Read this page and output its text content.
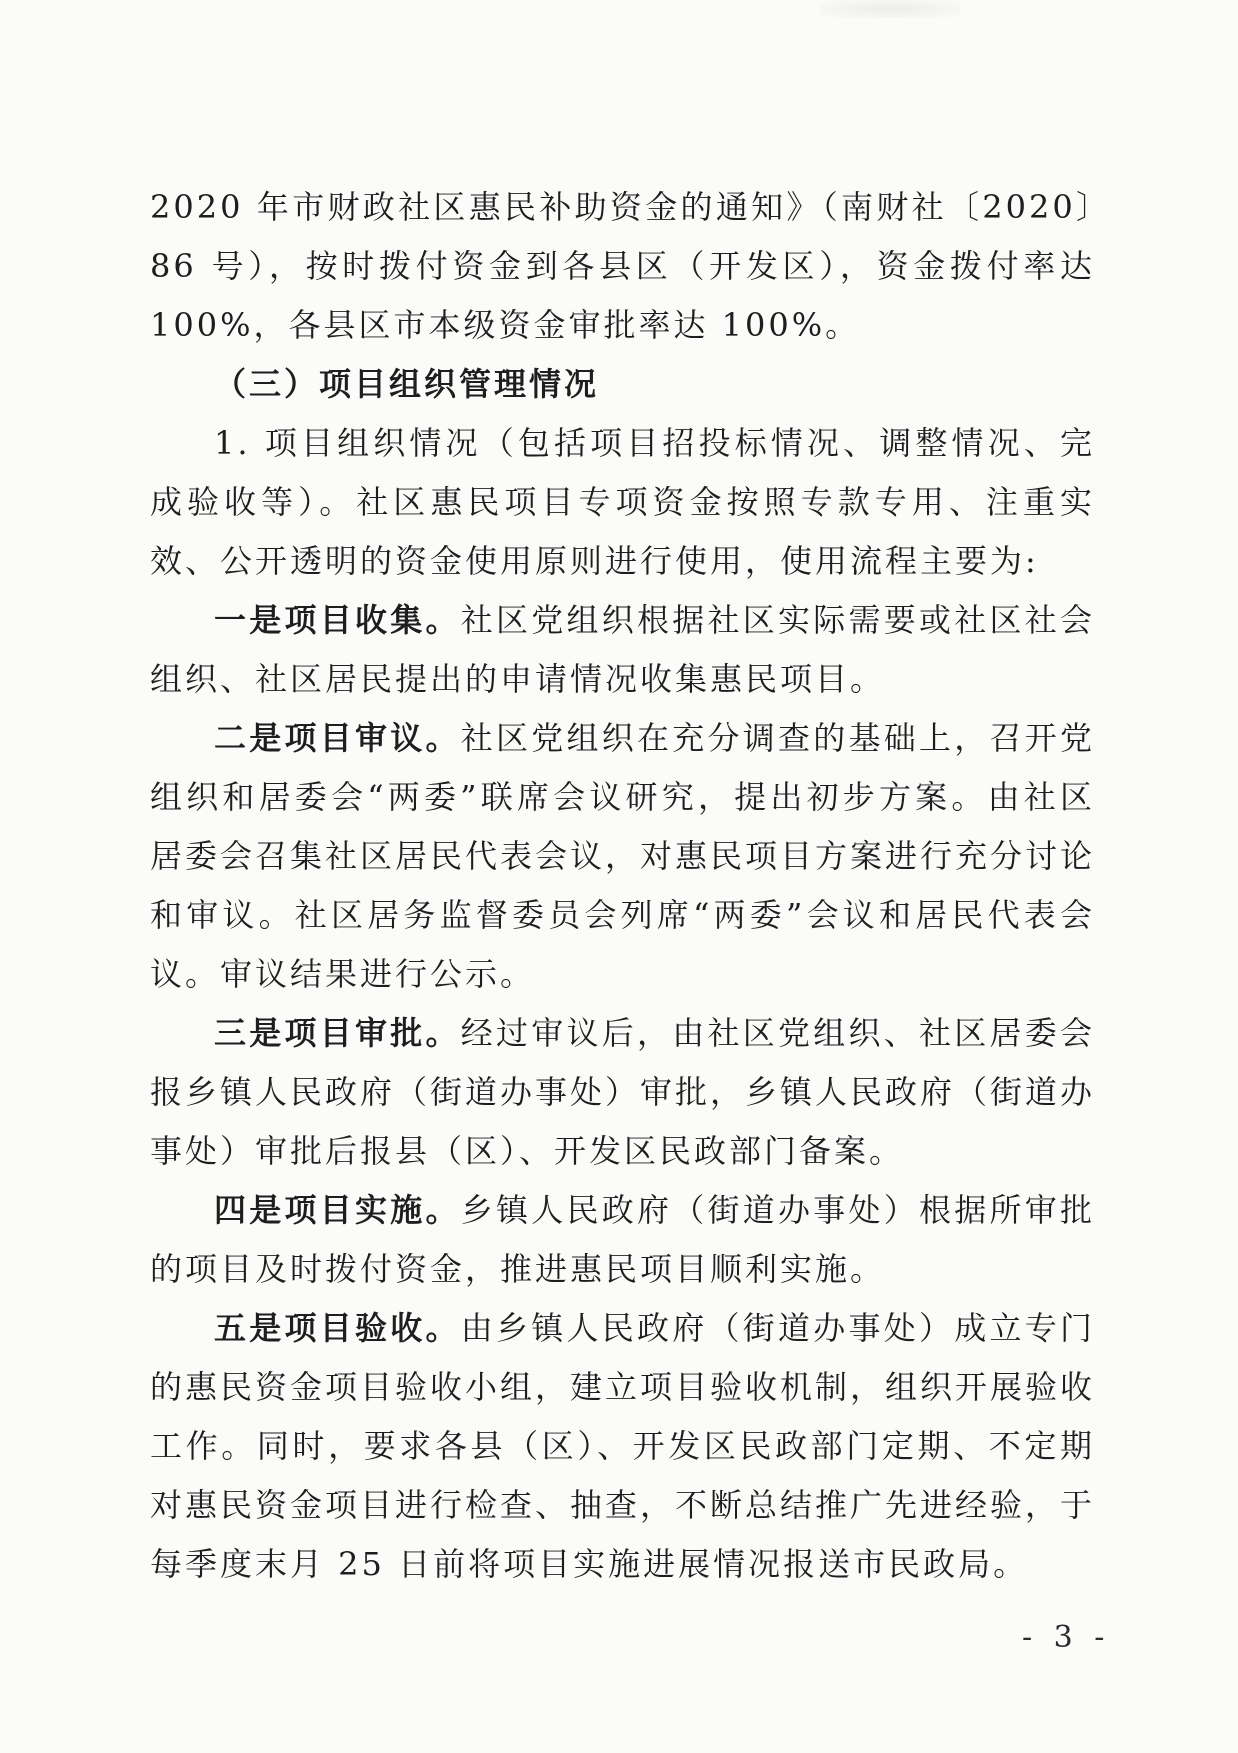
2020 年市财政社区惠民补助资金的通知》（南财社〔2020〕86 号），按时拨付资金到各县区（开发区），资金拨付率达 100%，各县区市本级资金审批率达 100%。

（三）项目组织管理情况

1. 项目组织情况（包括项目招投标情况、调整情况、完成验收等）。社区惠民项目专项资金按照专款专用、注重实效、公开透明的资金使用原则进行使用，使用流程主要为:

一是项目收集。社区党组织根据社区实际需要或社区社会组织、社区居民提出的申请情况收集惠民项目。

二是项目审议。社区党组织在充分调查的基础上，召开党组织和居委会“两委”联席会议研究，提出初步方案。由社区居委会召集社区居民代表会议，对惠民项目方案进行充分讨论和审议。社区居务监督委员会列席“两委”会议和居民代表会议。审议结果进行公示。

三是项目审批。经过审议后，由社区党组织、社区居委会报乡镇人民政府（街道办事处）审批，乡镇人民政府（街道办事处）审批后报县（区）、开发区民政部门备案。

四是项目实施。乡镇人民政府（街道办事处）根据所审批的项目及时拨付资金，推进惠民项目顺利实施。

五是项目验收。由乡镇人民政府（街道办事处）成立专门的惠民资金项目验收小组，建立项目验收机制，组织开展验收工作。同时，要求各县（区）、开发区民政部门定期、不定期对惠民资金项目进行检查、抽查，不断总结推广先进经验，于每季度末月 25 日前将项目实施进展情况报送市民政局。

- 3 -
